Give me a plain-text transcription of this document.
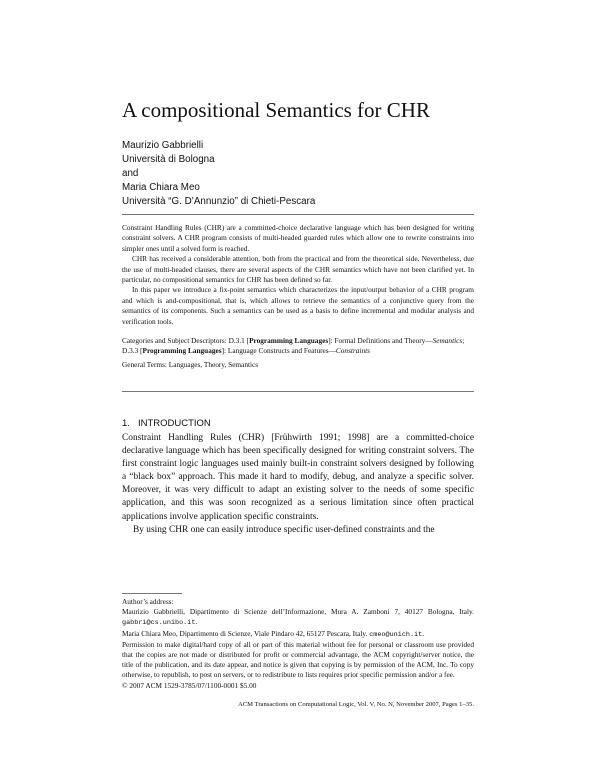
A compositional Semantics for CHR
Maurizio Gabbrielli
Università di Bologna
and
Maria Chiara Meo
Università “G. D’Annunzio” di Chieti-Pescara

Constraint Handling Rules (CHR) are a committed-choice declarative language which has been designed for writing constraint solvers. A CHR program consists of multi-headed guarded rules which allow one to rewrite constraints into simpler ones until a solved form is reached.

CHR has received a considerable attention, both from the practical and from the theoretical side. Nevertheless, due the use of multi-headed clauses, there are several aspects of the CHR semantics which have not been clarified yet. In particular, no compositional semantics for CHR has been defined so far.

In this paper we introduce a fix-point semantics which characterizes the input/output behavior of a CHR program and which is and-compositional, that is, which allows to retrieve the semantics of a conjunctive query from the semantics of its components. Such a semantics can be used as a basis to define incremental and modular analysis and verification tools.

Categories and Subject Descriptors: D.3.1 [Programming Languages]: Formal Definitions and Theory—Semantics; D.3.3 [Programming Languages]: Language Constructs and Features—Constraints

General Terms: Languages, Theory, Semantics

1. INTRODUCTION

Constraint Handling Rules (CHR) [Frühwirth 1991; 1998] are a committed-choice declarative language which has been specifically designed for writing constraint solvers. The first constraint logic languages used mainly built-in constraint solvers designed by following a “black box” approach. This made it hard to modify, debug, and analyze a specific solver. Moreover, it was very difficult to adapt an existing solver to the needs of some specific application, and this was soon recognized as a serious limitation since often practical applications involve application specific constraints.

By using CHR one can easily introduce specific user-defined constraints and the

Author’s address:

Maurizio Gabbrielli, Dipartimento di Scienze dell’Informazione, Mura A. Zamboni 7, 40127 Bologna, Italy. gabbri@cs.unibo.it.

Maria Chiara Meo, Dipartimento di Scienze, Viale Pindaro 42, 65127 Pescara, Italy. cmeo@unich.it.

Permission to make digital/hard copy of all or part of this material without fee for personal or classroom use provided that the copies are not made or distributed for profit or commercial advantage, the ACM copyright/server notice, the title of the publication, and its date appear, and notice is given that copying is by permission of the ACM, Inc. To copy otherwise, to republish, to post on servers, or to redistribute to lists requires prior specific permission and/or a fee.

© 2007 ACM 1529-3785/07/1100-0001 $5.00

ACM Transactions on Computational Logic, Vol. V, No. N, November 2007, Pages 1–35.
